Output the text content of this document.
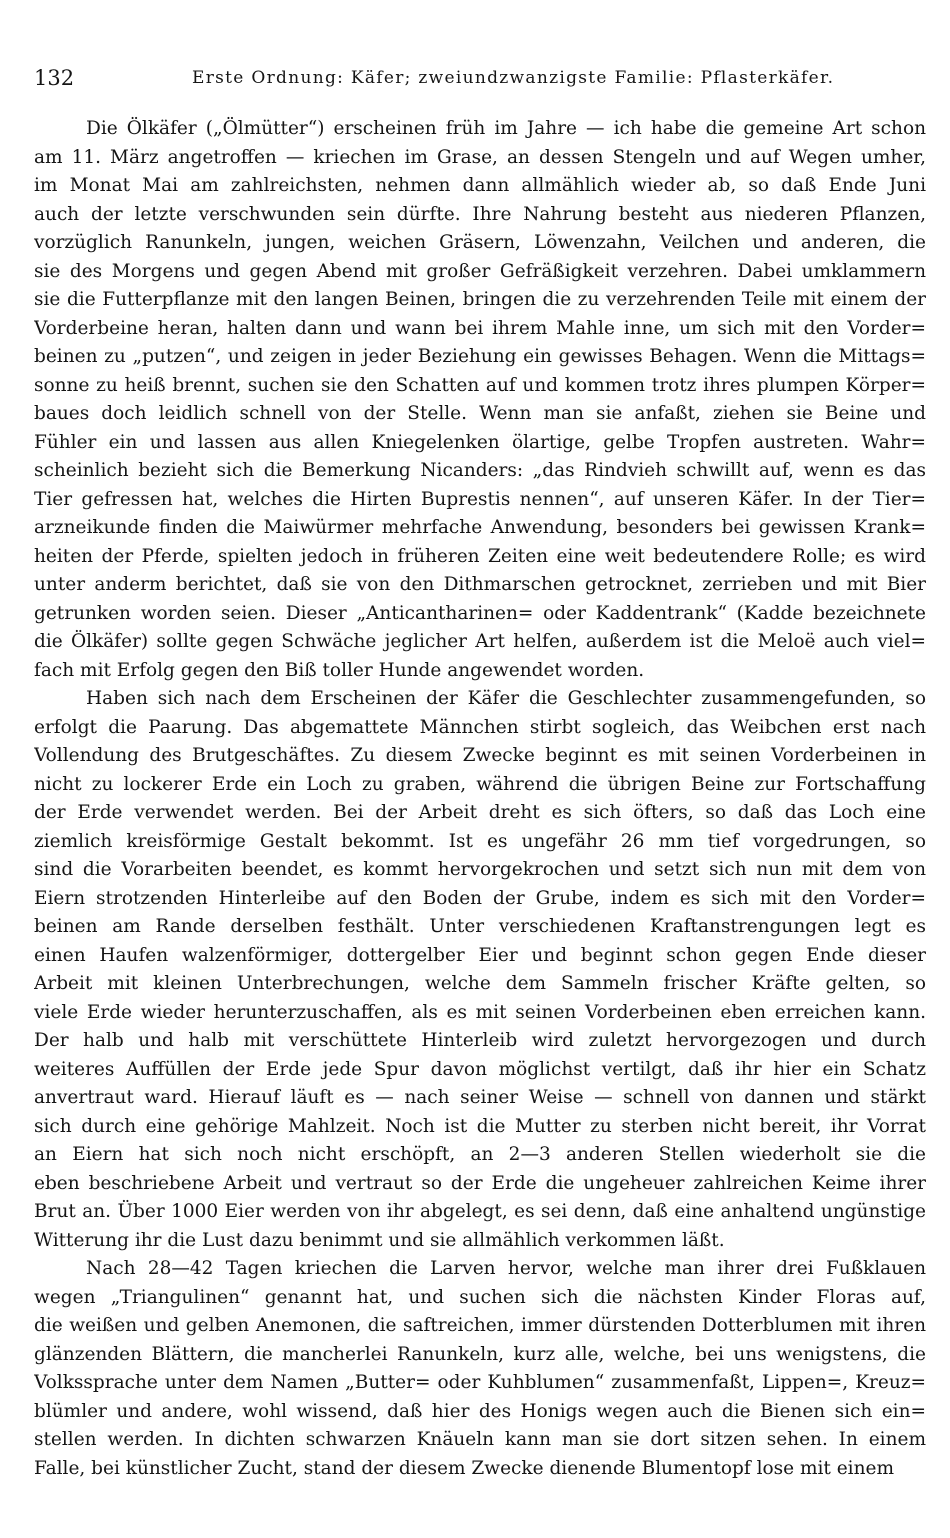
132	Erste Ordnung: Käfer; zweiundzwanzigste Familie: Pflasterkäfer.
Die Ölkäfer („Ölmütter“) erscheinen früh im Jahre — ich habe die gemeine Art schon
am 11. März angetroffen — kriechen im Grase, an dessen Stengeln und auf Wegen umher,
im Monat Mai am zahlreichsten, nehmen dann allmählich wieder ab, so daß Ende Juni
auch der letzte verschwunden sein dürfte. Ihre Nahrung besteht aus niederen Pflanzen,
vorzüglich Ranunkeln, jungen, weichen Gräsern, Löwenzahn, Veilchen und anderen, die
sie des Morgens und gegen Abend mit großer Gefräßigkeit verzehren. Dabei umklammern
sie die Futterpflanze mit den langen Beinen, bringen die zu verzehrenden Teile mit einem der
Vorderbeine heran, halten dann und wann bei ihrem Mahle inne, um sich mit den Vorder=
beinen zu „putzen“, und zeigen in jeder Beziehung ein gewisses Behagen. Wenn die Mittags=
sonne zu heiß brennt, suchen sie den Schatten auf und kommen trotz ihres plumpen Körper=
baues doch leidlich schnell von der Stelle. Wenn man sie anfaßt, ziehen sie Beine und
Fühler ein und lassen aus allen Kniegelenken ölartige, gelbe Tropfen austreten. Wahr=
scheinlich bezieht sich die Bemerkung Nicanders: „das Rindvieh schwillt auf, wenn es das
Tier gefressen hat, welches die Hirten Buprestis nennen“, auf unseren Käfer. In der Tier=
arzneikunde finden die Maiwürmer mehrfache Anwendung, besonders bei gewissen Krank=
heiten der Pferde, spielten jedoch in früheren Zeiten eine weit bedeutendere Rolle; es wird
unter anderm berichtet, daß sie von den Dithmarschen getrocknet, zerrieben und mit Bier
getrunken worden seien. Dieser „Anticantharinen= oder Kaddentrank“ (Kadde bezeichnete
die Ölkäfer) sollte gegen Schwäche jeglicher Art helfen, außerdem ist die Meloë auch viel=
fach mit Erfolg gegen den Biß toller Hunde angewendet worden.
Haben sich nach dem Erscheinen der Käfer die Geschlechter zusammengefunden, so
erfolgt die Paarung. Das abgemattete Männchen stirbt sogleich, das Weibchen erst nach
Vollendung des Brutgeschäftes. Zu diesem Zwecke beginnt es mit seinen Vorderbeinen in
nicht zu lockerer Erde ein Loch zu graben, während die übrigen Beine zur Fortschaffung
der Erde verwendet werden. Bei der Arbeit dreht es sich öfters, so daß das Loch eine
ziemlich kreisförmige Gestalt bekommt. Ist es ungefähr 26 mm tief vorgedrungen, so
sind die Vorarbeiten beendet, es kommt hervorgekrochen und setzt sich nun mit dem von
Eiern strotzenden Hinterleibe auf den Boden der Grube, indem es sich mit den Vorder=
beinen am Rande derselben festhält. Unter verschiedenen Kraftanstrengungen legt es
einen Haufen walzenförmiger, dottergelber Eier und beginnt schon gegen Ende dieser
Arbeit mit kleinen Unterbrechungen, welche dem Sammeln frischer Kräfte gelten, so
viele Erde wieder herunterzuschaffen, als es mit seinen Vorderbeinen eben erreichen kann.
Der halb und halb mit verschüttete Hinterleib wird zuletzt hervorgezogen und durch
weiteres Auffüllen der Erde jede Spur davon möglichst vertilgt, daß ihr hier ein Schatz
anvertraut ward. Hierauf läuft es — nach seiner Weise — schnell von dannen und stärkt
sich durch eine gehörige Mahlzeit. Noch ist die Mutter zu sterben nicht bereit, ihr Vorrat
an Eiern hat sich noch nicht erschöpft, an 2—3 anderen Stellen wiederholt sie die
eben beschriebene Arbeit und vertraut so der Erde die ungeheuer zahlreichen Keime ihrer
Brut an. Über 1000 Eier werden von ihr abgelegt, es sei denn, daß eine anhaltend ungünstige
Witterung ihr die Lust dazu benimmt und sie allmählich verkommen läßt.
Nach 28—42 Tagen kriechen die Larven hervor, welche man ihrer drei Fußklauen
wegen „Triangulinen“ genannt hat, und suchen sich die nächsten Kinder Floras auf,
die weißen und gelben Anemonen, die saftreichen, immer dürstenden Dotterblumen mit ihren
glänzenden Blättern, die mancherlei Ranunkeln, kurz alle, welche, bei uns wenigstens, die
Volkssprache unter dem Namen „Butter= oder Kuhblumen“ zusammenfaßt, Lippen=, Kreuz=
blümler und andere, wohl wissend, daß hier des Honigs wegen auch die Bienen sich ein=
stellen werden. In dichten schwarzen Knäueln kann man sie dort sitzen sehen. In einem
Falle, bei künstlicher Zucht, stand der diesem Zwecke dienende Blumentopf lose mit einem
